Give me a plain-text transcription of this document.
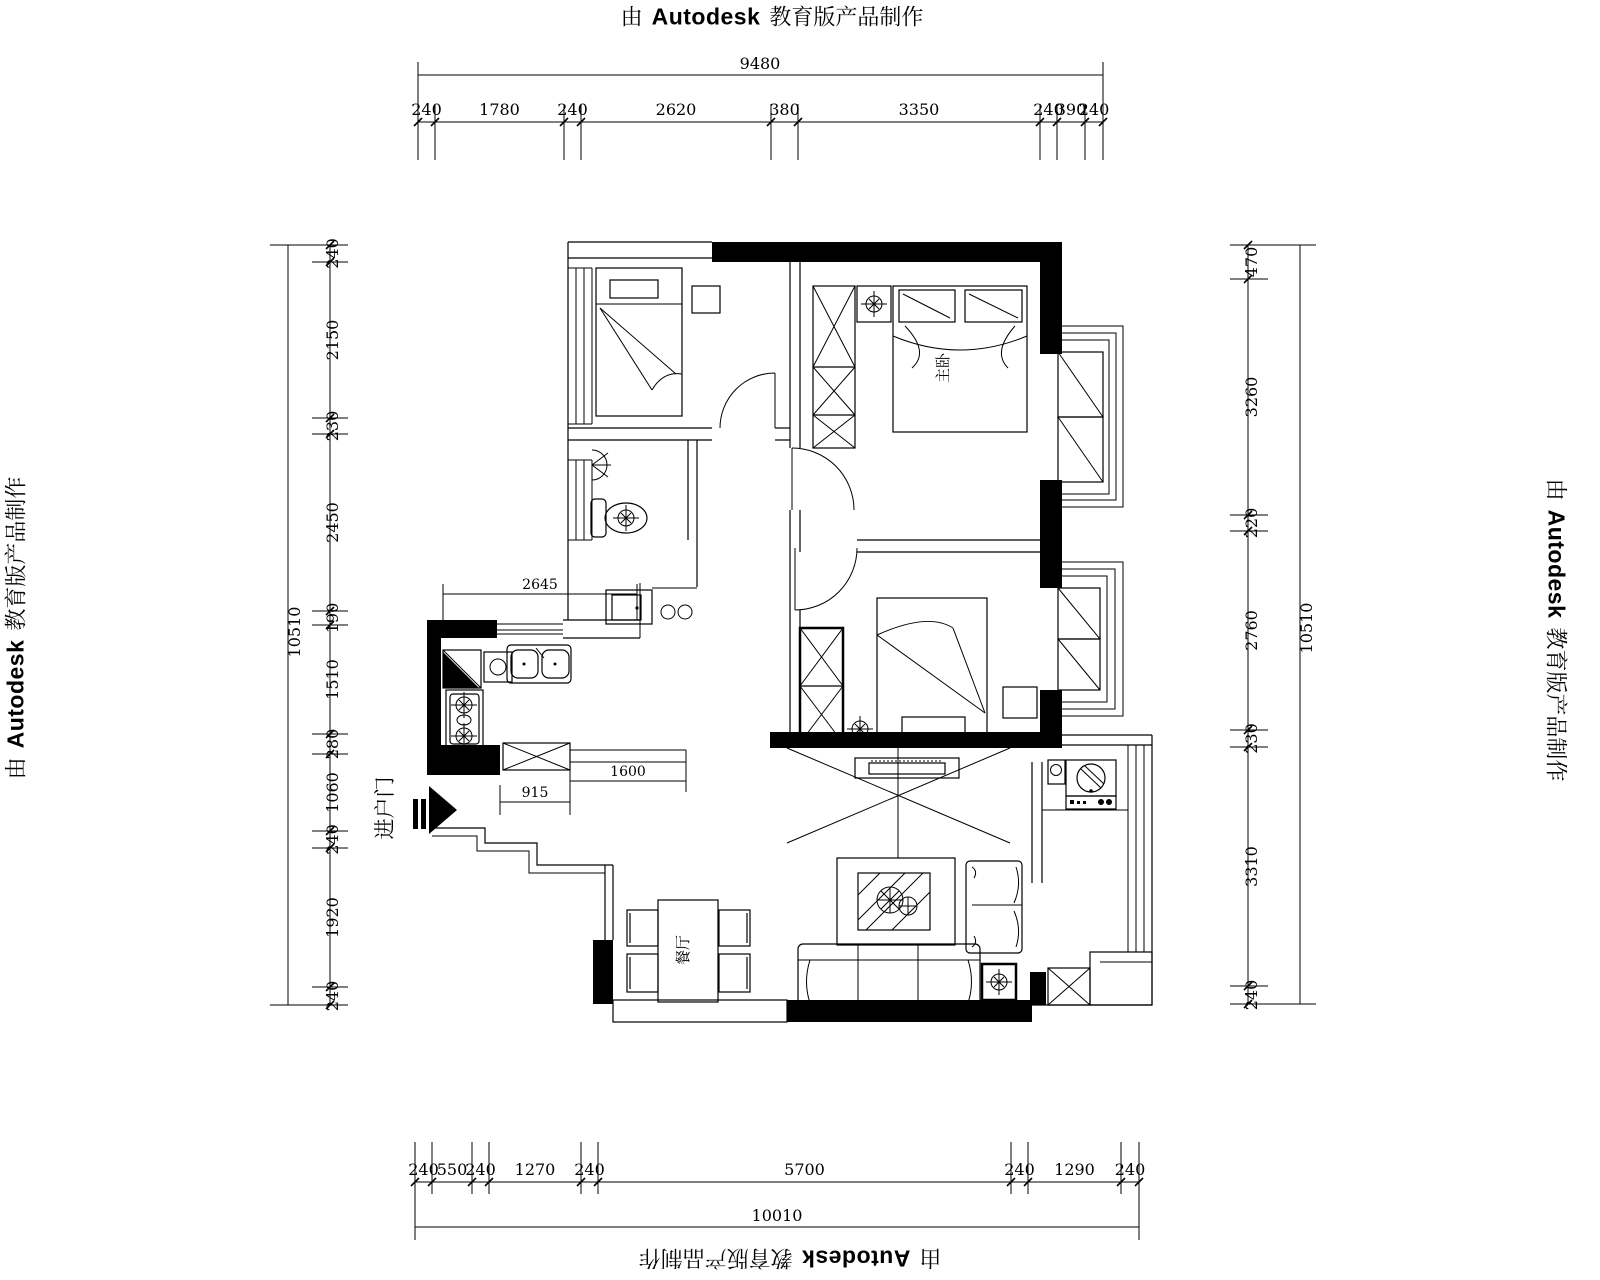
由 Autodesk 教育版产品制作
由
Autodesk
教育版产品制作
由
Autodesk
教育版产品制作	由
Autodesk
教育版产品制作
进户门
主卧
餐厅
2645
915
1600
9480
10010
10510	10510
240 1780 240	2620	380	3350	240
390
240
240
550
240 1270 240	5700	240 1290 240
240
2150
230
2450
190
1510
280
1060
240
1920
240
470
3260
220
2760
230
3310
240
